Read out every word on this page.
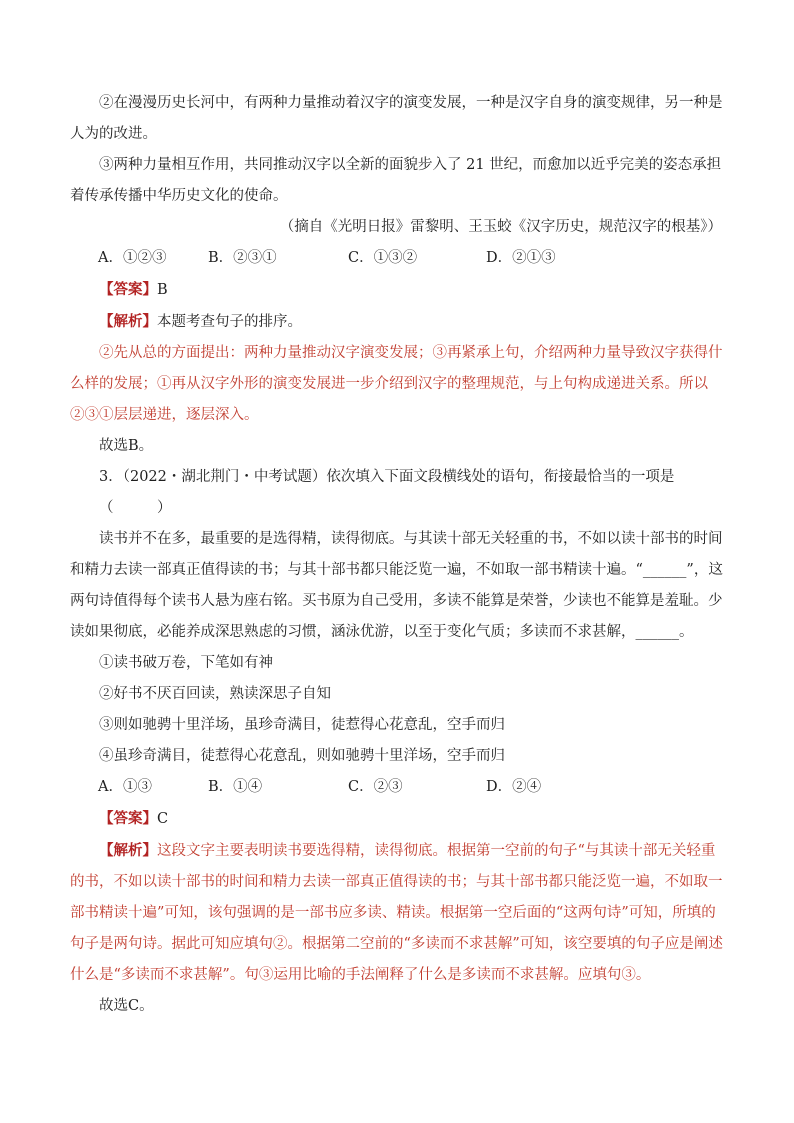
②在漫漫历史长河中，有两种力量推动着汉字的演变发展，一种是汉字自身的演变规律，另一种是人为的改进。

③两种力量相互作用，共同推动汉字以全新的面貌步入了 21 世纪，而愈加以近乎完美的姿态承担着传承传播中华历史文化的使命。

（摘自《光明日报》雷黎明、王玉蛟《汉字历史，规范汉字的根基》）

A．①②③	B．②③①	C．①③②	D．②①③

【答案】B

【解析】本题考查句子的排序。

②先从总的方面提出：两种力量推动汉字演变发展；③再紧承上句，介绍两种力量导致汉字获得什么样的发展；①再从汉字外形的演变发展进一步介绍到汉字的整理规范，与上句构成递进关系。所以②③①层层递进，逐层深入。

故选B。

3．（2022・湖北荆门・中考试题）依次填入下面文段横线处的语句，衔接最恰当的一项是（　　　）

读书并不在多，最重要的是选得精，读得彻底。与其读十部无关轻重的书，不如以读十部书的时间和精力去读一部真正值得读的书；与其十部书都只能泛览一遍，不如取一部书精读十遍。“______”，这两句诗值得每个读书人悬为座右铭。买书原为自己受用，多读不能算是荣誉，少读也不能算是羞耻。少读如果彻底，必能养成深思熟虑的习惯，涵泳优游，以至于变化气质；多读而不求甚解，______。

①读书破万卷，下笔如有神

②好书不厌百回读，熟读深思子自知

③则如驰骋十里洋场，虽珍奇满目，徒惹得心花意乱，空手而归

④虽珍奇满目，徒惹得心花意乱，则如驰骋十里洋场，空手而归

A．①③	B．①④	C．②③	D．②④

【答案】C

【解析】这段文字主要表明读书要选得精，读得彻底。根据第一空前的句子“与其读十部无关轻重的书，不如以读十部书的时间和精力去读一部真正值得读的书；与其十部书都只能泛览一遍，不如取一部书精读十遍”可知，该句强调的是一部书应多读、精读。根据第一空后面的“这两句诗”可知，所填的句子是两句诗。据此可知应填句②。根据第二空前的“多读而不求甚解”可知，该空要填的句子应是阐述什么是“多读而不求甚解”。句③运用比喻的手法阐释了什么是多读而不求甚解。应填句③。

故选C。
